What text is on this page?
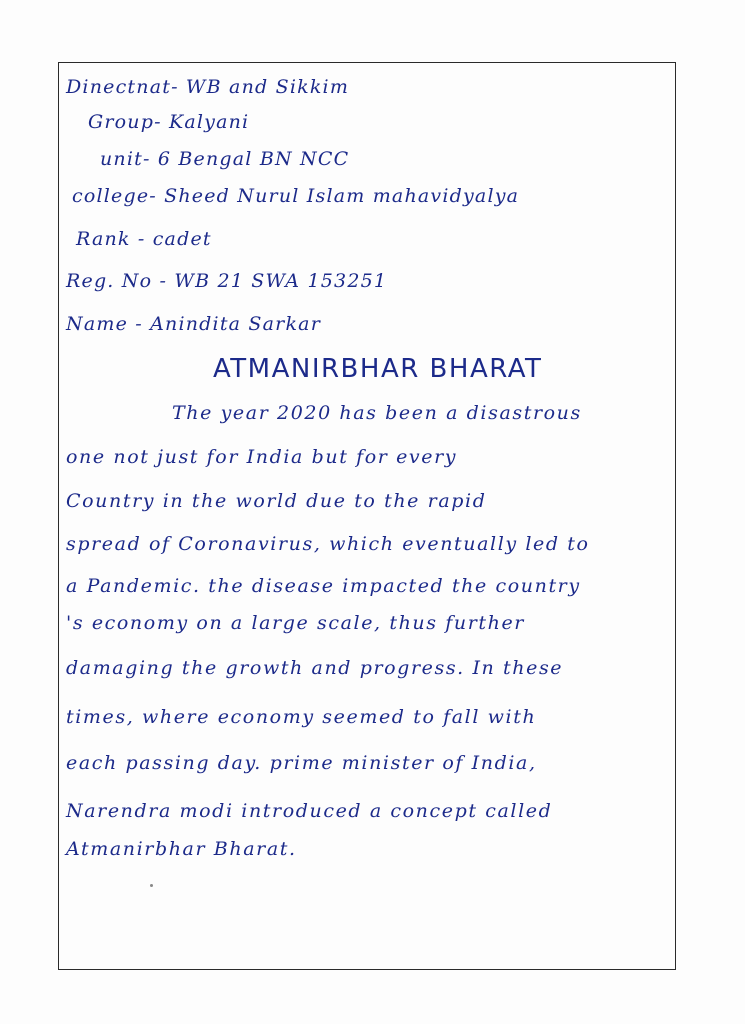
Dinectnat- WB and Sikkim
Group- Kalyani
unit- 6 Bengal BN NCC
college- Sheed Nurul Islam mahavidyalya
Rank - cadet
Reg. No - WB 21 SWA 153251
Name - Anindita Sarkar
ATMANIRBHAR BHARAT
The year 2020 has been a disastrous
one not just for India but for every
Country in the world due to the rapid
spread of Coronavirus, which eventually led to
a Pandemic. the disease impacted the country
's economy on a large scale, thus further
damaging the growth and progress. In these
times, where economy seemed to fall with
each passing day. prime minister of India,
Narendra modi introduced a concept called
Atmanirbhar Bharat.
